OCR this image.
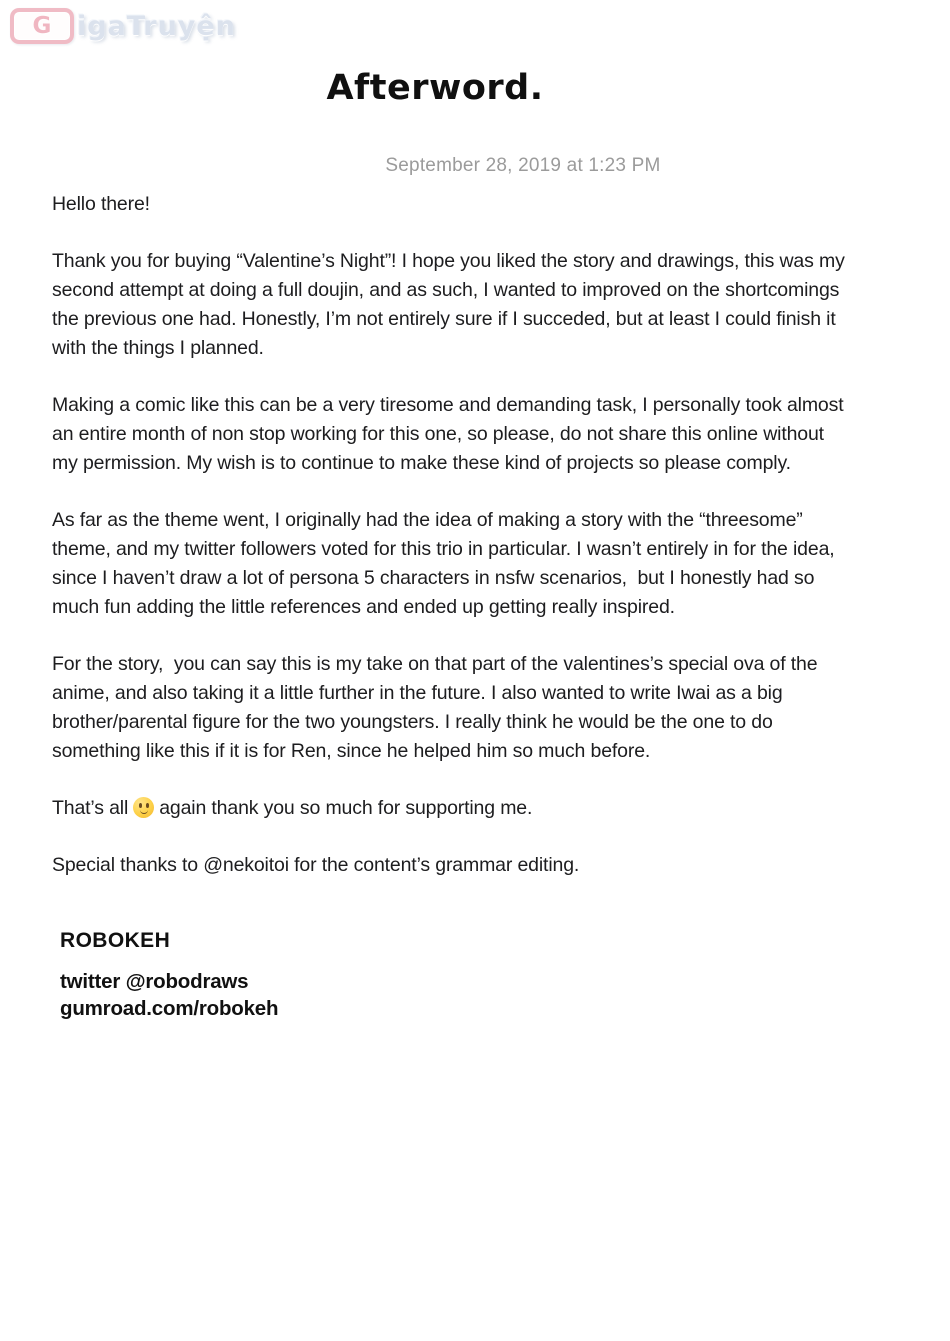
G igaTruyện
Afterword.
September 28, 2019 at 1:23 PM

Hello there!

Thank you for buying “Valentine’s Night”! I hope you liked the story and drawings, this was my second attempt at doing a full doujin, and as such, I wanted to improved on the shortcomings the previous one had. Honestly, I’m not entirely sure if I succeded, but at least I could finish it with the things I planned.

Making a comic like this can be a very tiresome and demanding task, I personally took almost an entire month of non stop working for this one, so please, do not share this online without my permission. My wish is to continue to make these kind of projects so please comply.

As far as the theme went, I originally had the idea of making a story with the “threesome” theme, and my twitter followers voted for this trio in particular. I wasn’t entirely in for the idea, since I haven’t draw a lot of persona 5 characters in nsfw scenarios,  but I honestly had so much fun adding the little references and ended up getting really inspired.

For the story,  you can say this is my take on that part of the valentines’s special ova of the anime, and also taking it a little further in the future. I also wanted to write Iwai as a big brother/parental figure for the two youngsters. I really think he would be the one to do something like this if it is for Ren, since he helped him so much before.

That’s all again thank you so much for supporting me.

Special thanks to @nekoitoi for the content’s grammar editing.

ROBOKEH
twitter @robodraws
gumroad.com/robokeh
